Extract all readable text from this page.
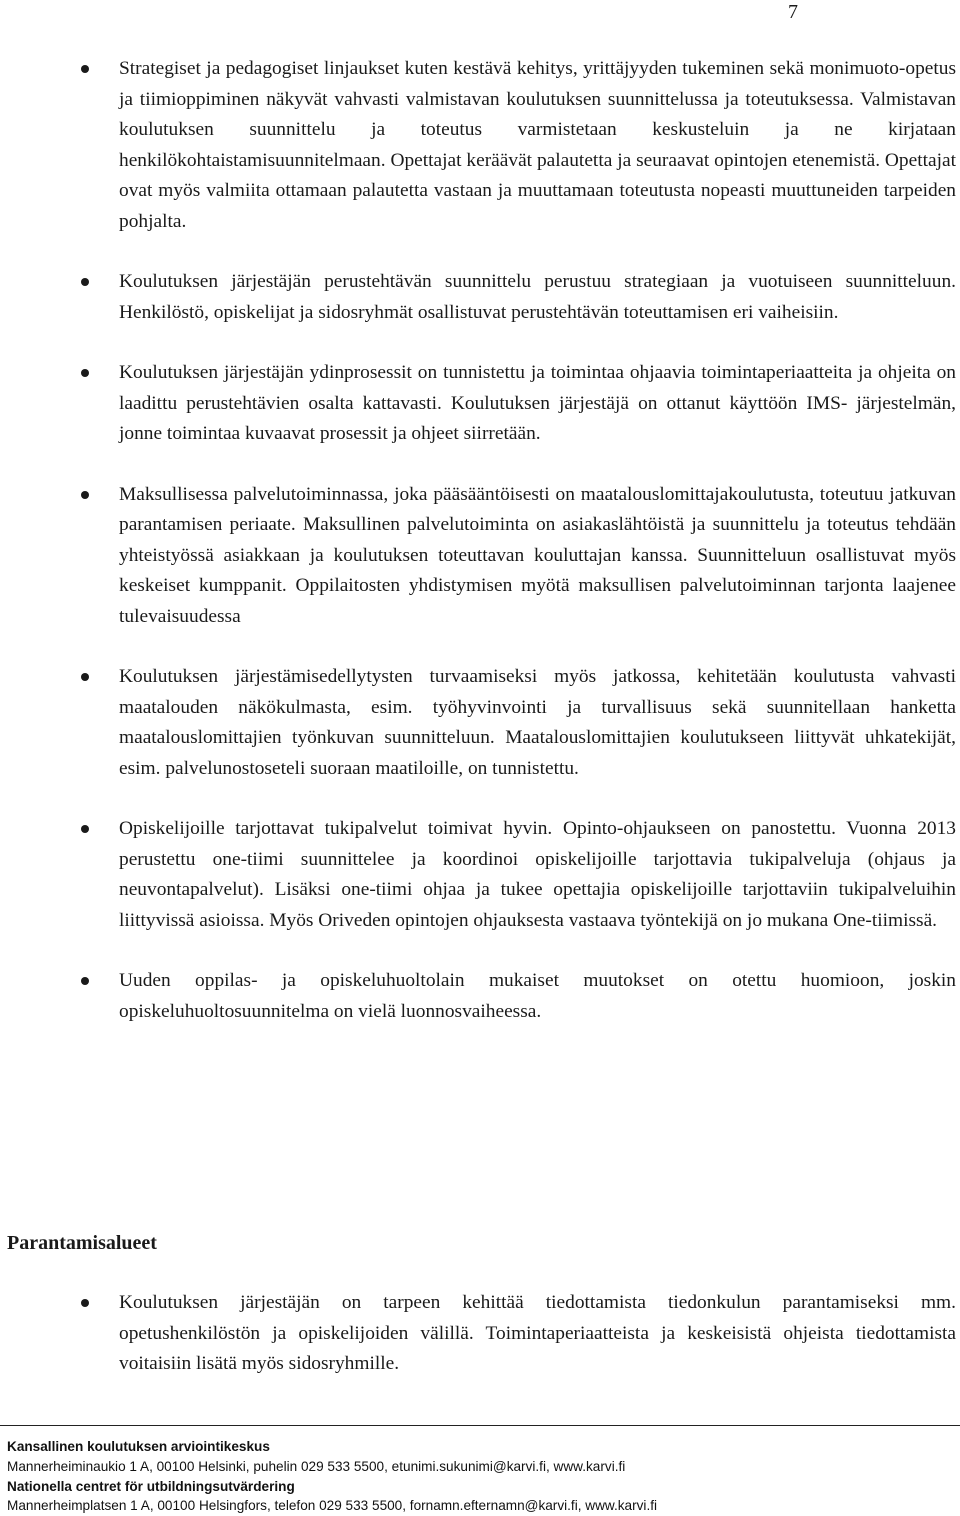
7
Strategiset ja pedagogiset linjaukset kuten kestävä kehitys, yrittäjyyden tukeminen sekä monimuoto-opetus ja tiimioppiminen näkyvät vahvasti valmistavan koulutuksen suunnittelussa ja toteutuksessa. Valmistavan koulutuksen suunnittelu ja toteutus varmistetaan keskusteluin ja ne kirjataan henkilökohtaistamisuunnitelmaan. Opettajat keräävät palautetta ja seuraavat opintojen etenemistä. Opettajat ovat myös valmiita ottamaan palautetta vastaan ja muuttamaan toteutusta nopeasti muuttuneiden tarpeiden pohjalta.
Koulutuksen järjestäjän perustehtävän suunnittelu perustuu strategiaan ja vuotuiseen suunnitteluun. Henkilöstö, opiskelijat ja sidosryhmät osallistuvat perustehtävän toteuttamisen eri vaiheisiin.
Koulutuksen järjestäjän ydinprosessit on tunnistettu ja toimintaa ohjaavia toimintaperiaatteita ja ohjeita on laadittu perustehtävien osalta kattavasti. Koulutuksen järjestäjä on ottanut käyttöön IMS- järjestelmän, jonne toimintaa kuvaavat prosessit ja ohjeet siirretään.
Maksullisessa palvelutoiminnassa, joka pääsääntöisesti on maatalouslomittajakoulutusta, toteutuu jatkuvan parantamisen periaate. Maksullinen palvelutoiminta on asiakaslähtöistä ja suunnittelu ja toteutus tehdään yhteistyössä asiakkaan ja koulutuksen toteuttavan kouluttajan kanssa. Suunnitteluun osallistuvat myös keskeiset kumppanit. Oppilaitosten yhdistymisen myötä maksullisen palvelutoiminnan tarjonta laajenee tulevaisuudessa
Koulutuksen järjestämisedellytysten turvaamiseksi myös jatkossa, kehitetään koulutusta vahvasti maatalouden näkökulmasta, esim. työhyvinvointi ja turvallisuus sekä suunnitellaan hanketta maatalouslomittajien työnkuvan suunnitteluun. Maatalouslomittajien koulutukseen liittyvät uhkatekijät, esim. palvelunostoseteli suoraan maatiloille, on tunnistettu.
Opiskelijoille tarjottavat tukipalvelut toimivat hyvin. Opinto-ohjaukseen on panostettu. Vuonna 2013 perustettu one-tiimi suunnittelee ja koordinoi opiskelijoille tarjottavia tukipalveluja (ohjaus ja neuvontapalvelut). Lisäksi one-tiimi ohjaa ja tukee opettajia opiskelijoille tarjottaviin tukipalveluihin liittyvissä asioissa. Myös Oriveden opintojen ohjauksesta vastaava työntekijä on jo mukana One-tiimissä.
Uuden oppilas- ja opiskeluhuoltolain mukaiset muutokset on otettu huomioon, joskin opiskeluhuoltosuunnitelma on vielä luonnosvaiheessa.
Parantamisalueet
Koulutuksen järjestäjän on tarpeen kehittää tiedottamista tiedonkulun parantamiseksi mm. opetushenkilöstön ja opiskelijoiden välillä. Toimintaperiaatteista ja keskeisistä ohjeista tiedottamista voitaisiin lisätä myös sidosryhmille.
Kansallinen koulutuksen arviointikeskus
Mannerheiminaukio 1 A, 00100 Helsinki, puhelin 029 533 5500, etunimi.sukunimi@karvi.fi, www.karvi.fi
Nationella centret för utbildningsutvärdering
Mannerheimplatsen 1 A, 00100 Helsingfors, telefon 029 533 5500, fornamn.efternamn@karvi.fi, www.karvi.fi
